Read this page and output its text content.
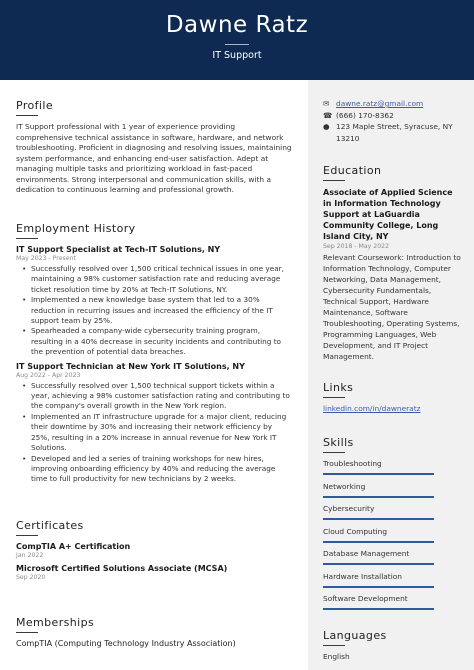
Dawne Ratz
IT Support
Profile
IT Support professional with 1 year of experience providing comprehensive technical assistance in software, hardware, and network troubleshooting. Proficient in diagnosing and resolving issues, maintaining system performance, and enhancing end-user satisfaction. Adept at managing multiple tasks and prioritizing workload in fast-paced environments. Strong interpersonal and communication skills, with a dedication to continuous learning and professional growth.
Employment History
IT Support Specialist at Tech-IT Solutions, NY
May 2023 - Present
• Successfully resolved over 1,500 critical technical issues in one year, maintaining a 98% customer satisfaction rate and reducing average ticket resolution time by 20% at Tech-IT Solutions, NY.
• Implemented a new knowledge base system that led to a 30% reduction in recurring issues and increased the efficiency of the IT support team by 25%.
• Spearheaded a company-wide cybersecurity training program, resulting in a 40% decrease in security incidents and contributing to the prevention of potential data breaches.
IT Support Technician at New York IT Solutions, NY
Aug 2022 - Apr 2023
• Successfully resolved over 1,500 technical support tickets within a year, achieving a 98% customer satisfaction rating and contributing to the company's overall growth in the New York region.
• Implemented an IT infrastructure upgrade for a major client, reducing their downtime by 30% and increasing their network efficiency by 25%, resulting in a 20% increase in annual revenue for New York IT Solutions.
• Developed and led a series of training workshops for new hires, improving onboarding efficiency by 40% and reducing the average time to full productivity for new technicians by 2 weeks.
Certificates
CompTIA A+ Certification
Jan 2022
Microsoft Certified Solutions Associate (MCSA)
Sep 2020
Memberships
CompTIA (Computing Technology Industry Association)
✉ dawne.ratz@gmail.com
☎ (666) 170-8362
● 123 Maple Street, Syracuse, NY 13210
Education
Associate of Applied Science in Information Technology Support at LaGuardia Community College, Long Island City, NY
Sep 2018 - May 2022
Relevant Coursework: Introduction to Information Technology, Computer Networking, Data Management, Cybersecurity Fundamentals, Technical Support, Hardware Maintenance, Software Troubleshooting, Operating Systems, Programming Languages, Web Development, and IT Project Management.
Links
linkedin.com/in/dawneratz
Skills
Troubleshooting
Networking
Cybersecurity
Cloud Computing
Database Management
Hardware Installation
Software Development
Languages
English
